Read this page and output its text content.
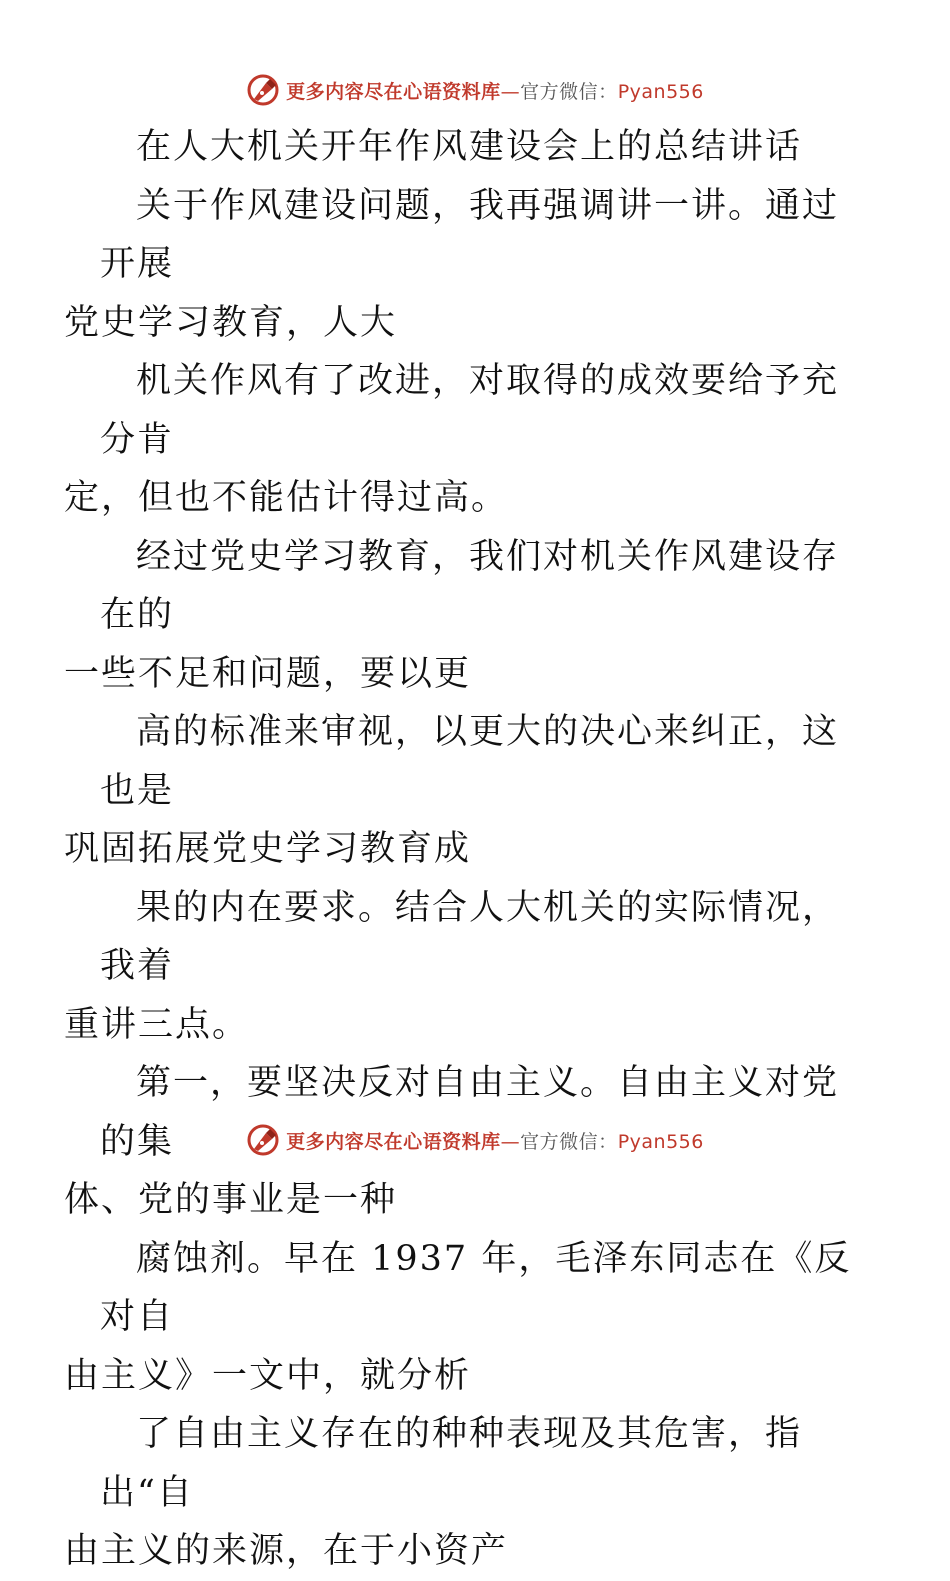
更多内容尽在心语资料库—官方微信：Pyan556

在人大机关开年作风建设会上的总结讲话

关于作风建设问题，我再强调讲一讲。通过开展
党史学习教育，人大

机关作风有了改进，对取得的成效要给予充分肯
定，但也不能估计得过高。

经过党史学习教育，我们对机关作风建设存在的
一些不足和问题，要以更

高的标准来审视，以更大的决心来纠正，这也是
巩固拓展党史学习教育成

果的内在要求。结合人大机关的实际情况，我着
重讲三点。

第一，要坚决反对自由主义。自由主义对党的集
体、党的事业是一种

腐蚀剂。早在 1937 年，毛泽东同志在《反对自
由主义》一文中，就分析

了自由主义存在的种种表现及其危害，指出“自
由主义的来源，在于小资产

更多内容尽在心语资料库—官方微信：Pyan556
